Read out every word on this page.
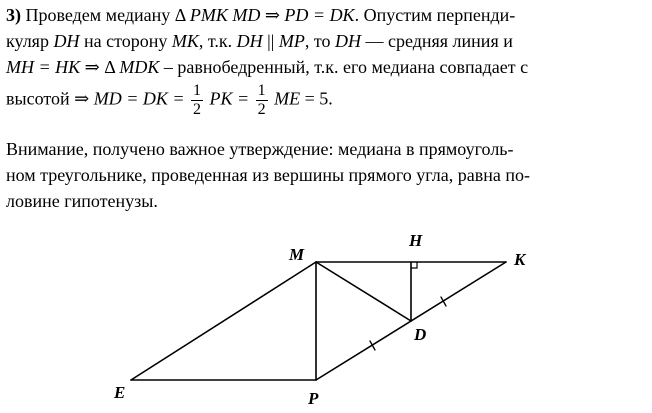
3) Проведем медиану Δ PMK MD ⇒ PD = DK. Опустим перпенди-
куляр DH на сторону MK, т.к. DH || MP, то DH — средняя линия и
MH = HK ⇒ Δ MDK – равнобедренный, т.к. его медиана совпадает с
высотой ⇒ MD = DK = $\frac{1}{2}$ PK = $\frac{1}{2}$ ME = 5.
Внимание, получено важное утверждение: медиана в прямоуголь-
ном треугольнике, проведенная из вершины прямого угла, равна по-
ловине гипотенузы.
M
H
K
D
E	P
